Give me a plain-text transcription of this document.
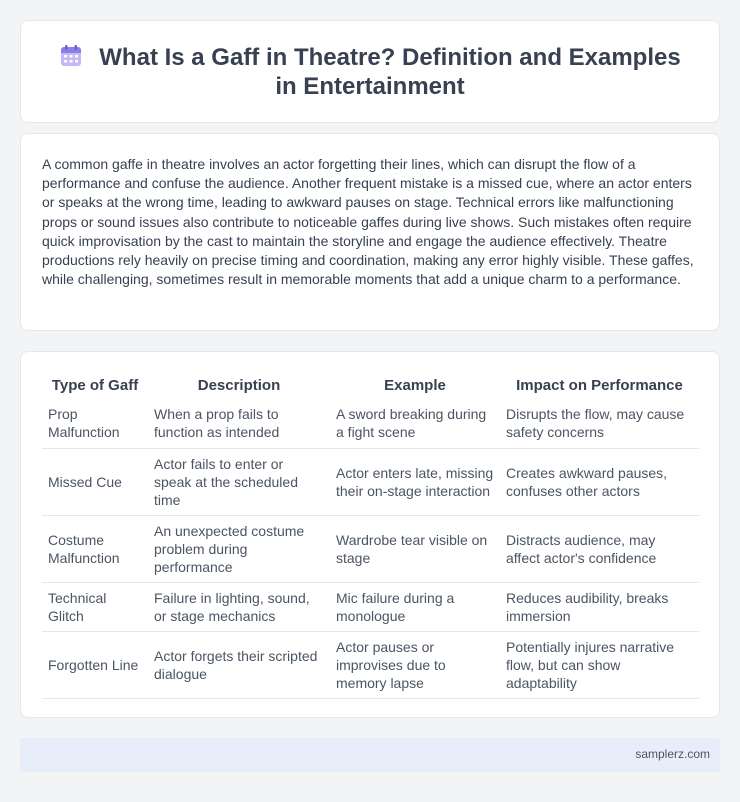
What Is a Gaff in Theatre? Definition and Examples in Entertainment

A common gaffe in theatre involves an actor forgetting their lines, which can disrupt the flow of a performance and confuse the audience. Another frequent mistake is a missed cue, where an actor enters or speaks at the wrong time, leading to awkward pauses on stage. Technical errors like malfunctioning props or sound issues also contribute to noticeable gaffes during live shows. Such mistakes often require quick improvisation by the cast to maintain the storyline and engage the audience effectively. Theatre productions rely heavily on precise timing and coordination, making any error highly visible. These gaffes, while challenging, sometimes result in memorable moments that add a unique charm to a performance.

Type of Gaff	Description	Example	Impact on Performance
Prop Malfunction	When a prop fails to function as intended	A sword breaking during a fight scene	Disrupts the flow, may cause safety concerns
Missed Cue	Actor fails to enter or speak at the scheduled time	Actor enters late, missing their on-stage interaction	Creates awkward pauses, confuses other actors
Costume Malfunction	An unexpected costume problem during performance	Wardrobe tear visible on stage	Distracts audience, may affect actor's confidence
Technical Glitch	Failure in lighting, sound, or stage mechanics	Mic failure during a monologue	Reduces audibility, breaks immersion
Forgotten Line	Actor forgets their scripted dialogue	Actor pauses or improvises due to memory lapse	Potentially injures narrative flow, but can show adaptability
samplerz.com
